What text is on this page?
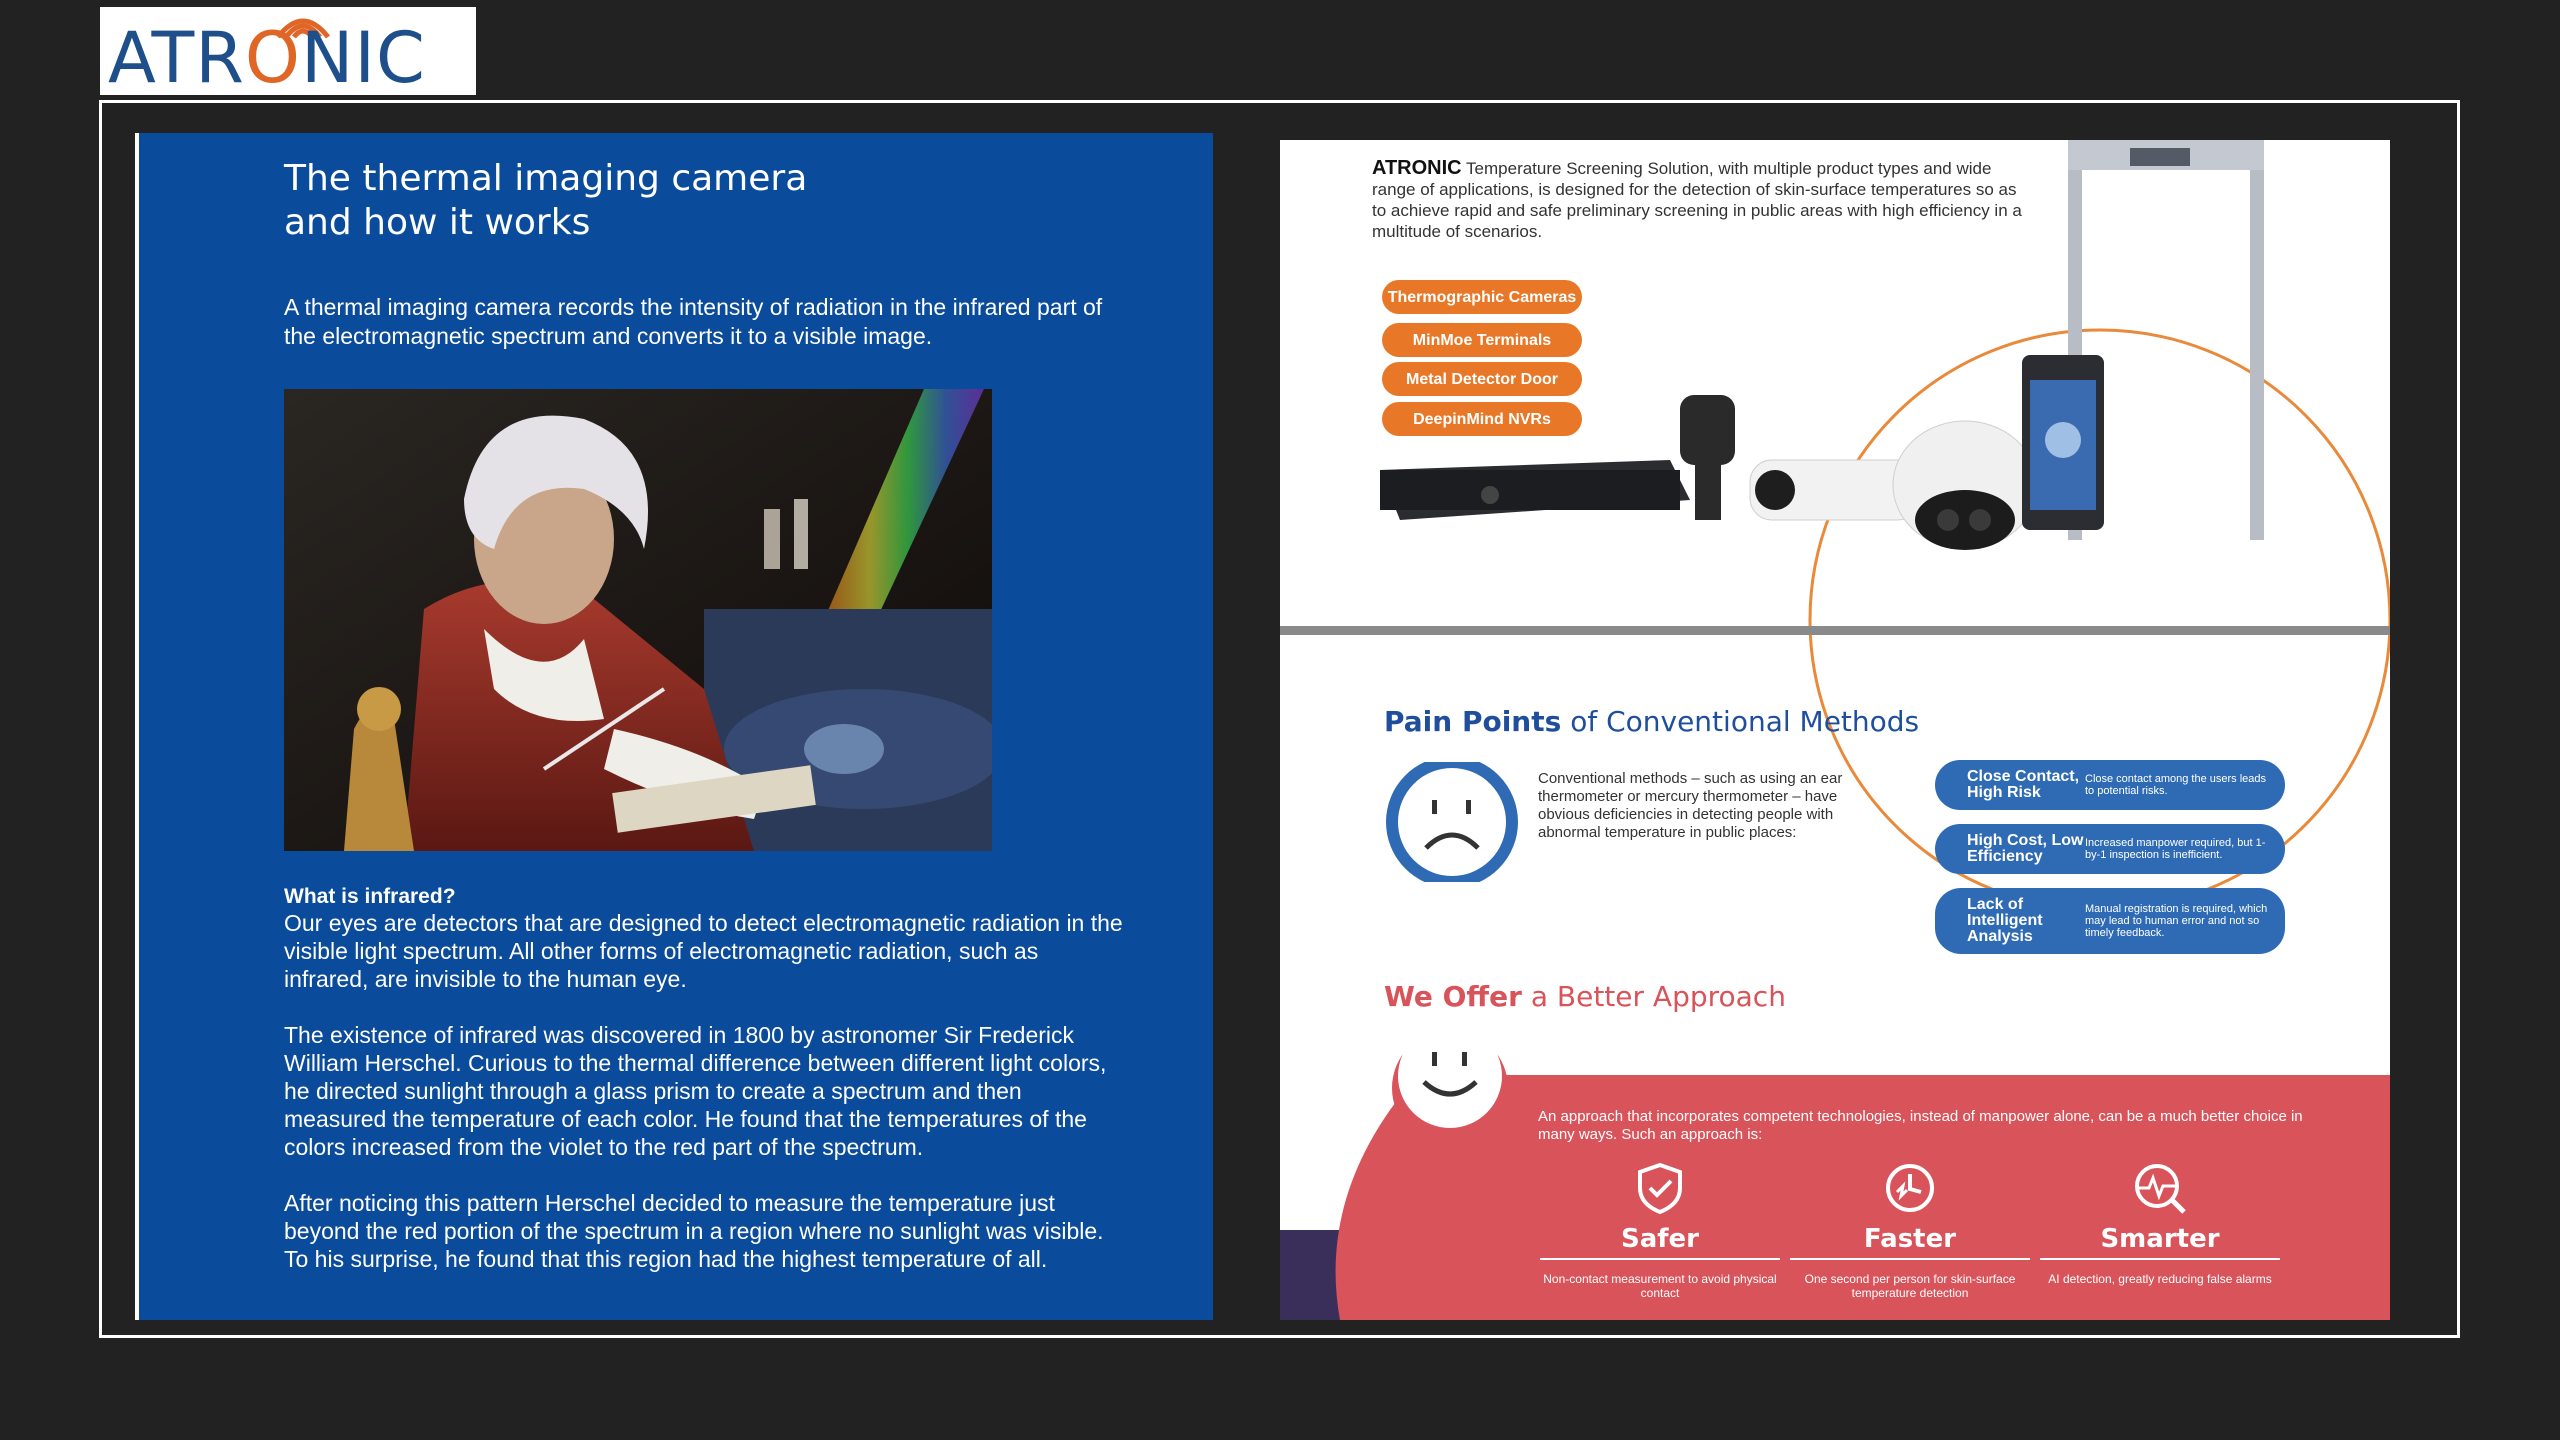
ATRONIC
The thermal imaging camera
and how it works
A thermal imaging camera records the intensity of radiation in the infrared part of the electromagnetic spectrum and converts it to a visible image.
What is infrared?
Our eyes are detectors that are designed to detect electromagnetic radiation in the visible light spectrum. All other forms of electromagnetic radiation, such as infrared, are invisible to the human eye.
The existence of infrared was discovered in 1800 by astronomer Sir Frederick William Herschel. Curious to the thermal difference between different light colors, he directed sunlight through a glass prism to create a spectrum and then measured the temperature of each color. He found that the temperatures of the colors increased from the violet to the red part of the spectrum.
After noticing this pattern Herschel decided to measure the temperature just beyond the red portion of the spectrum in a region where no sunlight was visible. To his surprise, he found that this region had the highest temperature of all.
ATRONIC Temperature Screening Solution, with multiple product types and wide range of applications, is designed for the detection of skin-surface temperatures so as to achieve rapid and safe preliminary screening in public areas with high efficiency in a multitude of scenarios.
Thermographic Cameras
MinMoe Terminals
Metal Detector Door
DeepinMind NVRs
Pain Points of Conventional Methods
Conventional methods – such as using an ear thermometer or mercury thermometer – have obvious deficiencies in detecting people with abnormal temperature in public places:
Close Contact, High Risk
Close contact among the users leads to potential risks.
High Cost, Low Efficiency
Increased manpower required, but 1-by-1 inspection is inefficient.
Lack of Intelligent Analysis
Manual registration is required, which may lead to human error and not so timely feedback.
We Offer a Better Approach
An approach that incorporates competent technologies, instead of manpower alone, can be a much better choice in many ways. Such an approach is:
Safer
Non-contact measurement to avoid physical contact
Faster
One second per person for skin-surface temperature detection
Smarter
AI detection, greatly reducing false alarms
